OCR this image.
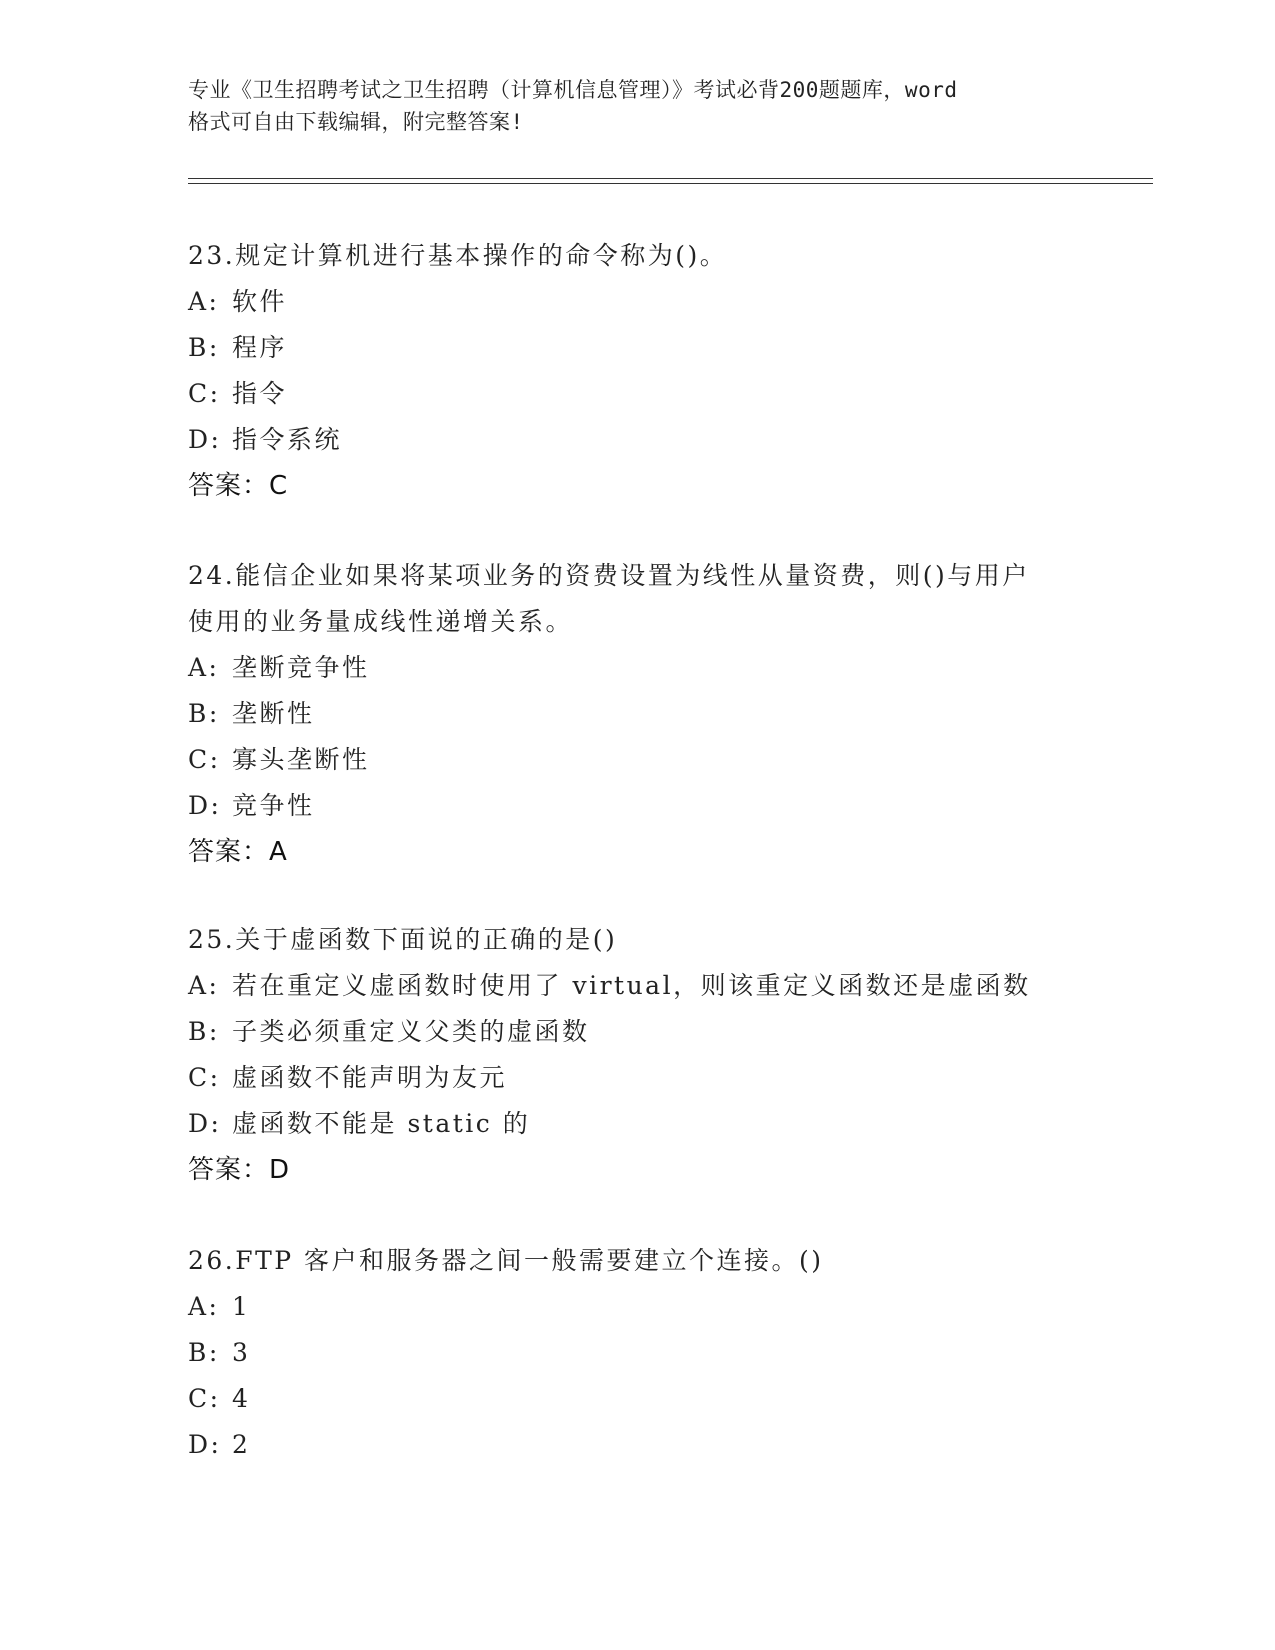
专业《卫生招聘考试之卫生招聘（计算机信息管理）》考试必背200题题库，word
格式可自由下载编辑，附完整答案!

23.规定计算机进行基本操作的命令称为()。

A: 软件

B: 程序

C: 指令

D: 指令系统

答案：C

24.能信企业如果将某项业务的资费设置为线性从量资费，则()与用户

使用的业务量成线性递增关系。

A: 垄断竞争性

B: 垄断性

C: 寡头垄断性

D: 竞争性

答案：A

25.关于虚函数下面说的正确的是()

A: 若在重定义虚函数时使用了 virtual，则该重定义函数还是虚函数

B: 子类必须重定义父类的虚函数

C: 虚函数不能声明为友元

D: 虚函数不能是 static 的

答案：D

26.FTP 客户和服务器之间一般需要建立个连接。()

A: 1

B: 3

C: 4

D: 2
